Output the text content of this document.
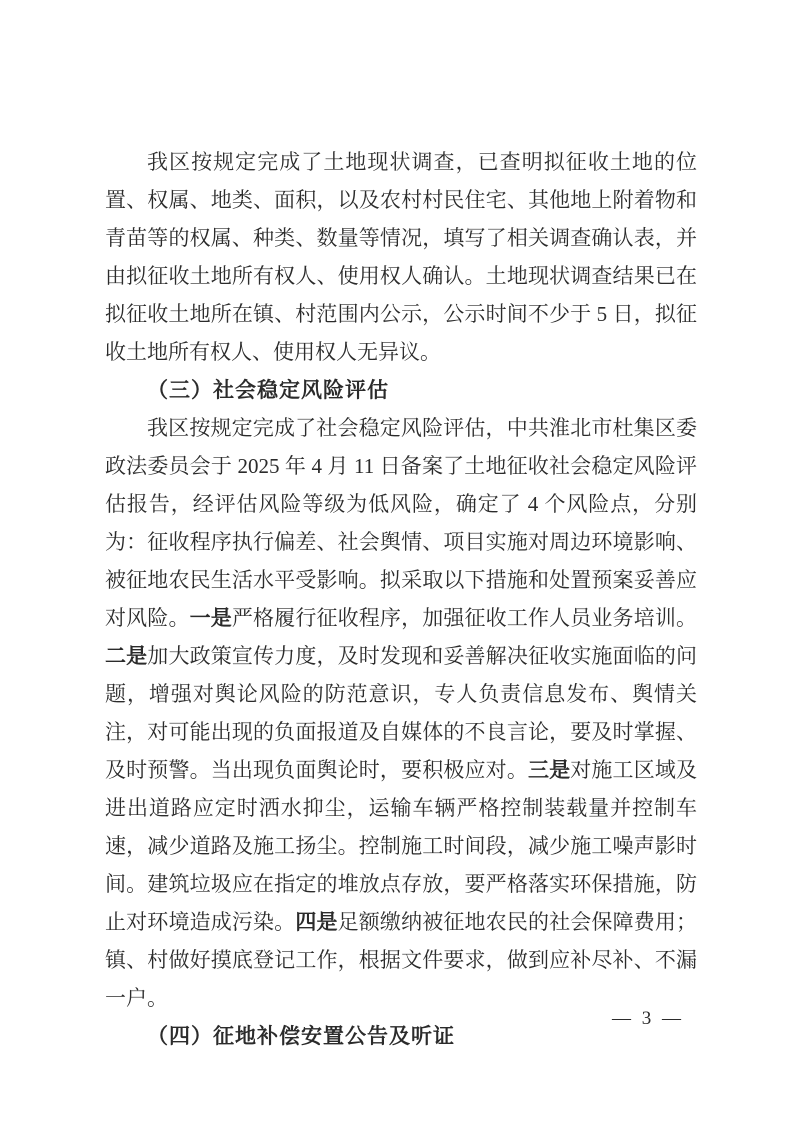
我区按规定完成了土地现状调查，已查明拟征收土地的位置、权属、地类、面积，以及农村村民住宅、其他地上附着物和青苗等的权属、种类、数量等情况，填写了相关调查确认表，并由拟征收土地所有权人、使用权人确认。土地现状调查结果已在拟征收土地所在镇、村范围内公示，公示时间不少于 5 日，拟征收土地所有权人、使用权人无异议。

（三）社会稳定风险评估

我区按规定完成了社会稳定风险评估，中共淮北市杜集区委政法委员会于 2025 年 4 月 11 日备案了土地征收社会稳定风险评估报告，经评估风险等级为低风险，确定了 4 个风险点，分别为：征收程序执行偏差、社会舆情、项目实施对周边环境影响、被征地农民生活水平受影响。拟采取以下措施和处置预案妥善应对风险。一是严格履行征收程序，加强征收工作人员业务培训。二是加大政策宣传力度，及时发现和妥善解决征收实施面临的问题，增强对舆论风险的防范意识，专人负责信息发布、舆情关注，对可能出现的负面报道及自媒体的不良言论，要及时掌握、及时预警。当出现负面舆论时，要积极应对。三是对施工区域及进出道路应定时洒水抑尘，运输车辆严格控制装载量并控制车速，减少道路及施工扬尘。控制施工时间段，减少施工噪声影时间。建筑垃圾应在指定的堆放点存放，要严格落实环保措施，防止对环境造成污染。四是足额缴纳被征地农民的社会保障费用；镇、村做好摸底登记工作，根据文件要求，做到应补尽补、不漏一户。

（四）征地补偿安置公告及听证

— 3 —
